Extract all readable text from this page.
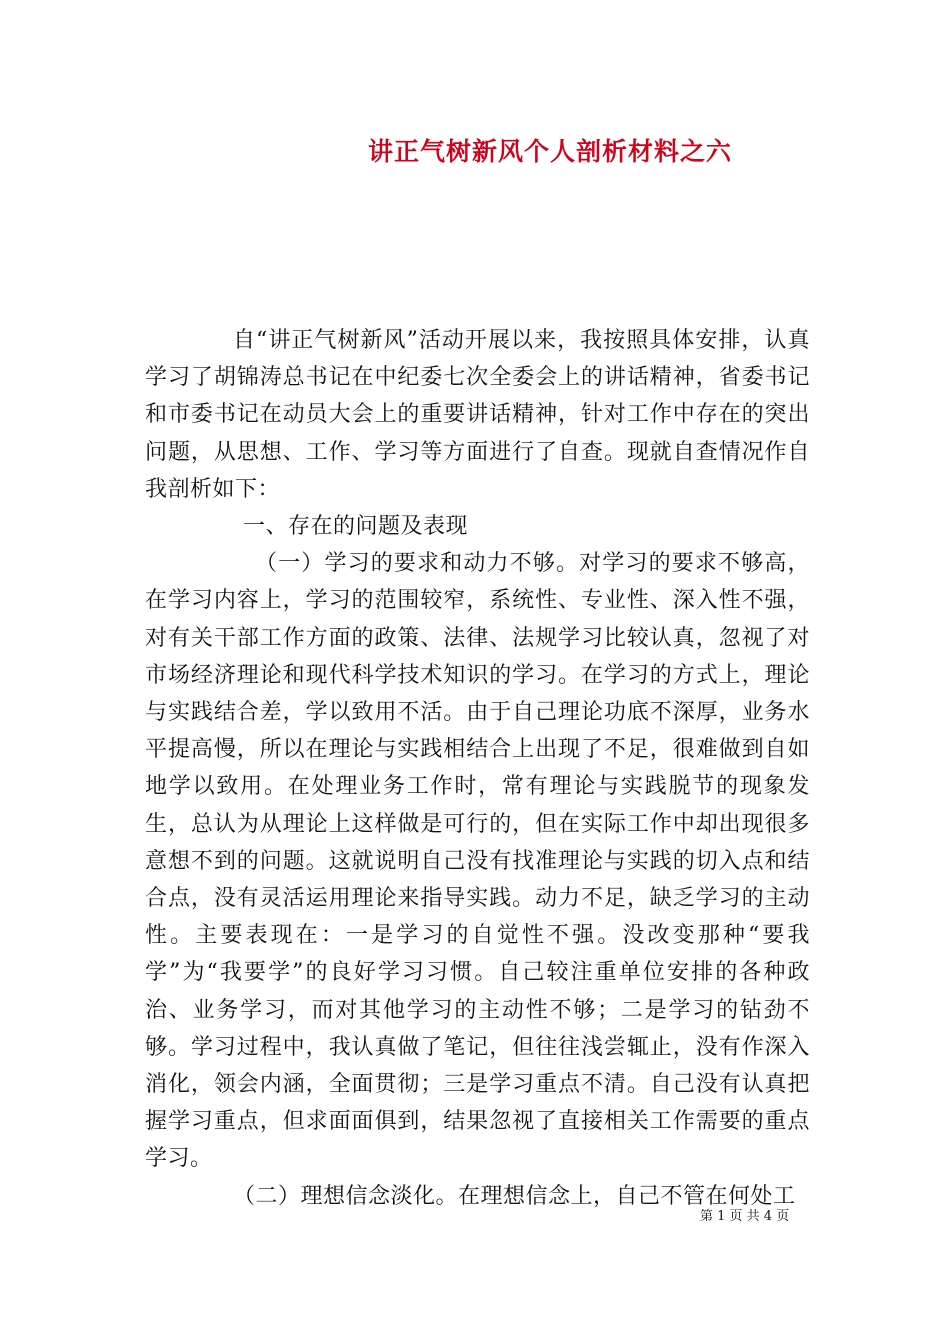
讲正气树新风个人剖析材料之六

自“讲正气树新风”活动开展以来，我按照具体安排，认真学习了胡锦涛总书记在中纪委七次全委会上的讲话精神，省委书记和市委书记在动员大会上的重要讲话精神，针对工作中存在的突出问题，从思想、工作、学习等方面进行了自查。现就自查情况作自我剖析如下：

一、存在的问题及表现

（一）学习的要求和动力不够。对学习的要求不够高，在学习内容上，学习的范围较窄，系统性、专业性、深入性不强，对有关干部工作方面的政策、法律、法规学习比较认真，忽视了对市场经济理论和现代科学技术知识的学习。在学习的方式上，理论与实践结合差，学以致用不活。由于自己理论功底不深厚，业务水平提高慢，所以在理论与实践相结合上出现了不足，很难做到自如地学以致用。在处理业务工作时，常有理论与实践脱节的现象发生，总认为从理论上这样做是可行的，但在实际工作中却出现很多意想不到的问题。这就说明自己没有找准理论与实践的切入点和结合点，没有灵活运用理论来指导实践。动力不足，缺乏学习的主动性。主要表现在：一是学习的自觉性不强。没改变那种“要我学”为“我要学”的良好学习习惯。自己较注重单位安排的各种政治、业务学习，而对其他学习的主动性不够；二是学习的钻劲不够。学习过程中，我认真做了笔记，但往往浅尝辄止，没有作深入消化，领会内涵，全面贯彻；三是学习重点不清。自己没有认真把握学习重点，但求面面俱到，结果忽视了直接相关工作需要的重点学习。

（二）理想信念淡化。在理想信念上，自己不管在何处工

第 1 页 共 4 页
